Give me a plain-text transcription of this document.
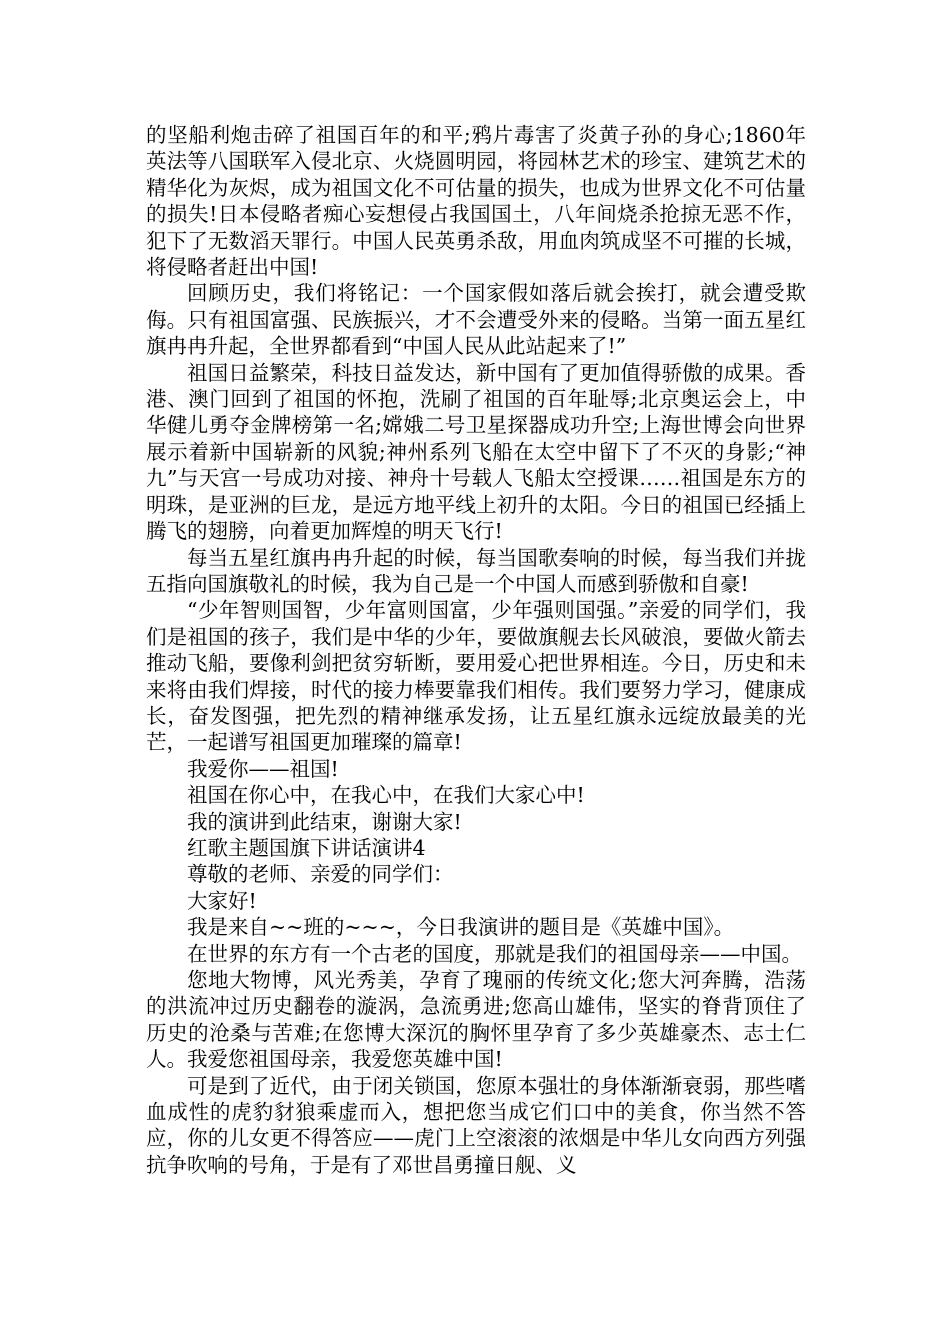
的坚船利炮击碎了祖国百年的和平;鸦片毒害了炎黄子孙的身心;1860年英法等八国联军入侵北京、火烧圆明园，将园林艺术的珍宝、建筑艺术的精华化为灰烬，成为祖国文化不可估量的损失，也成为世界文化不可估量的损失!日本侵略者痴心妄想侵占我国国土，八年间烧杀抢掠无恶不作，犯下了无数滔天罪行。中国人民英勇杀敌，用血肉筑成坚不可摧的长城，将侵略者赶出中国!

回顾历史，我们将铭记：一个国家假如落后就会挨打，就会遭受欺侮。只有祖国富强、民族振兴，才不会遭受外来的侵略。当第一面五星红旗冉冉升起，全世界都看到“中国人民从此站起来了!”

祖国日益繁荣，科技日益发达，新中国有了更加值得骄傲的成果。香港、澳门回到了祖国的怀抱，洗刷了祖国的百年耻辱;北京奥运会上，中华健儿勇夺金牌榜第一名;嫦娥二号卫星探器成功升空;上海世博会向世界展示着新中国崭新的风貌;神州系列飞船在太空中留下了不灭的身影;“神九”与天宫一号成功对接、神舟十号载人飞船太空授课……祖国是东方的明珠，是亚洲的巨龙，是远方地平线上初升的太阳。今日的祖国已经插上腾飞的翅膀，向着更加辉煌的明天飞行!

每当五星红旗冉冉升起的时候，每当国歌奏响的时候，每当我们并拢五指向国旗敬礼的时候，我为自己是一个中国人而感到骄傲和自豪!

“少年智则国智，少年富则国富，少年强则国强。”亲爱的同学们，我们是祖国的孩子，我们是中华的少年，要做旗舰去长风破浪，要做火箭去推动飞船，要像利剑把贫穷斩断，要用爱心把世界相连。今日，历史和未来将由我们焊接，时代的接力棒要靠我们相传。我们要努力学习，健康成长，奋发图强，把先烈的精神继承发扬，让五星红旗永远绽放最美的光芒，一起谱写祖国更加璀璨的篇章!

我爱你——祖国!

祖国在你心中，在我心中，在我们大家心中!

我的演讲到此结束，谢谢大家!

红歌主题国旗下讲话演讲4

尊敬的老师、亲爱的同学们：

大家好!

我是来自~~班的~~~，今日我演讲的题目是《英雄中国》。

在世界的东方有一个古老的国度，那就是我们的祖国母亲——中国。

您地大物博，风光秀美，孕育了瑰丽的传统文化;您大河奔腾，浩荡的洪流冲过历史翻卷的漩涡，急流勇进;您高山雄伟，坚实的脊背顶住了历史的沧桑与苦难;在您博大深沉的胸怀里孕育了多少英雄豪杰、志士仁人。我爱您祖国母亲，我爱您英雄中国!

可是到了近代，由于闭关锁国，您原本强壮的身体渐渐衰弱，那些嗜血成性的虎豹豺狼乘虚而入，想把您当成它们口中的美食，你当然不答应，你的儿女更不得答应——虎门上空滚滚的浓烟是中华儿女向西方列强抗争吹响的号角，于是有了邓世昌勇撞日舰、义
